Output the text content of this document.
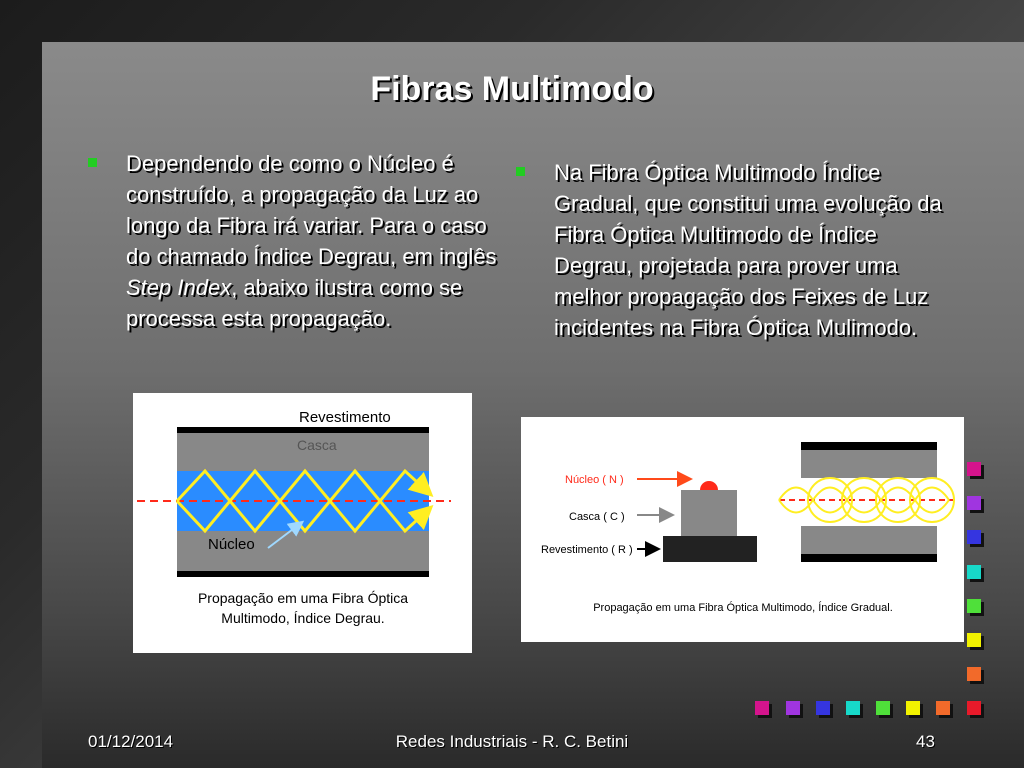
Fibras Multimodo
Dependendo de como o Núcleo é construído, a propagação da Luz ao longo da Fibra irá variar. Para o caso do chamado Índice Degrau, em inglês Step Index, abaixo ilustra como se processa esta propagação.
Na Fibra Óptica Multimodo Índice Gradual, que constitui uma evolução da Fibra Óptica Multimodo de Índice Degrau, projetada para prover uma melhor propagação dos Feixes de Luz incidentes na Fibra Óptica Mulimodo.
Revestimento
Casca
Núcleo
Propagação em uma Fibra Óptica
Multimodo, Índice Degrau.
Núcleo ( N )
Casca ( C )
Revestimento ( R )
Propagação em uma Fibra Óptica Multimodo, Índice Gradual.
01/12/2014	Redes Industriais - R. C. Betini	43
